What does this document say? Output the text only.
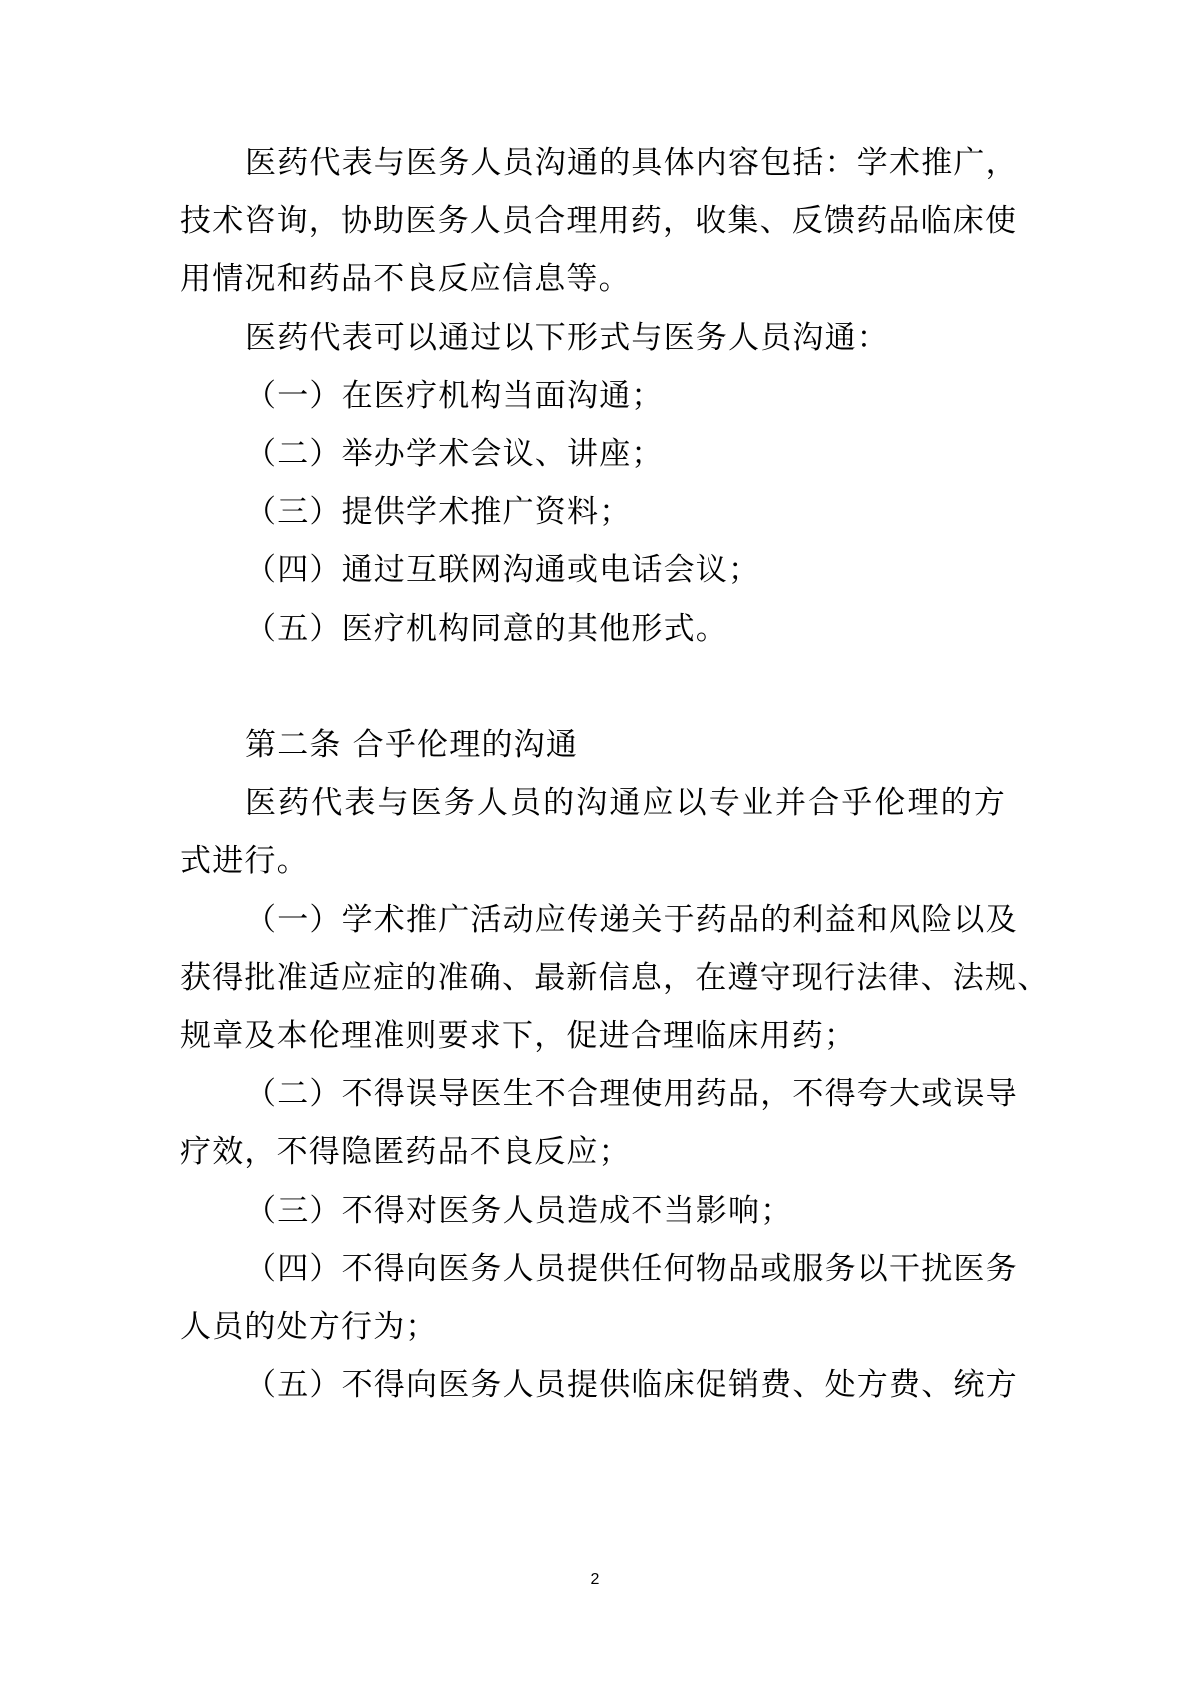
医药代表与医务人员沟通的具体内容包括：学术推广，
技术咨询，协助医务人员合理用药，收集、反馈药品临床使
用情况和药品不良反应信息等。
医药代表可以通过以下形式与医务人员沟通：
（一）在医疗机构当面沟通；
（二）举办学术会议、讲座；
（三）提供学术推广资料；
（四）通过互联网沟通或电话会议；
（五）医疗机构同意的其他形式。
第二条 合乎伦理的沟通
医药代表与医务人员的沟通应以专业并合乎伦理的方
式进行。
（一）学术推广活动应传递关于药品的利益和风险以及
获得批准适应症的准确、最新信息，在遵守现行法律、法规、
规章及本伦理准则要求下，促进合理临床用药；
（二）不得误导医生不合理使用药品，不得夸大或误导
疗效，不得隐匿药品不良反应；
（三）不得对医务人员造成不当影响；
（四）不得向医务人员提供任何物品或服务以干扰医务
人员的处方行为；
（五）不得向医务人员提供临床促销费、处方费、统方
2
